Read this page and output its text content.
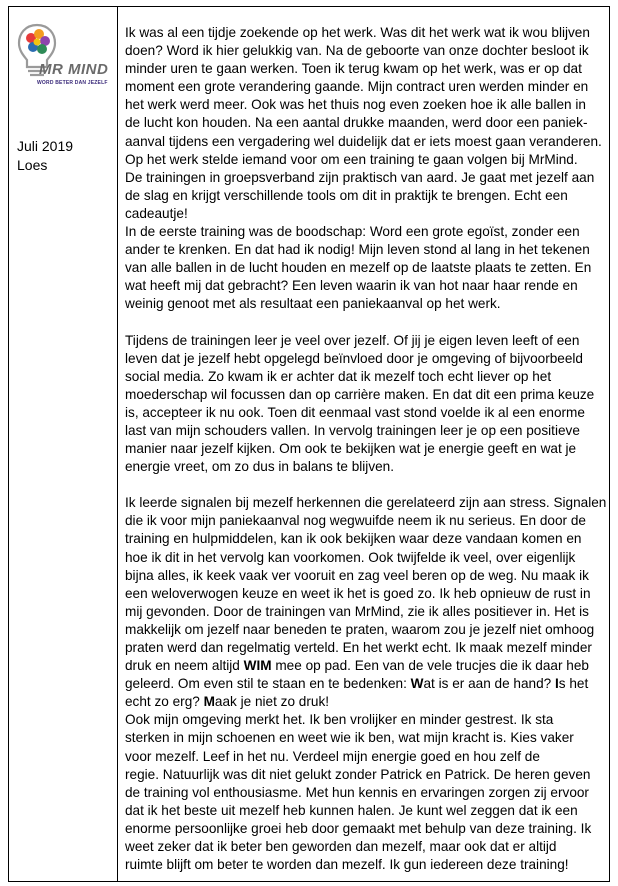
MR MIND
WORD BETER DAN JEZELF
Juli 2019
Loes

Ik was al een tijdje zoekende op het werk. Was dit het werk wat ik wou blijven

doen? Word ik hier gelukkig van. Na de geboorte van onze dochter besloot ik

minder uren te gaan werken. Toen ik terug kwam op het werk, was er op dat

moment een grote verandering gaande. Mijn contract uren werden minder en

het werk werd meer. Ook was het thuis nog even zoeken hoe ik alle ballen in

de lucht kon houden. Na een aantal drukke maanden, werd door een paniek-

aanval tijdens een vergadering wel duidelijk dat er iets moest gaan veranderen.

Op het werk stelde iemand voor om een training te gaan volgen bij MrMind.

De trainingen in groepsverband zijn praktisch van aard. Je gaat met jezelf aan

de slag en krijgt verschillende tools om dit in praktijk te brengen. Echt een

cadeautje!

In de eerste training was de boodschap: Word een grote egoïst, zonder een

ander te krenken. En dat had ik nodig! Mijn leven stond al lang in het tekenen

van alle ballen in de lucht houden en mezelf op de laatste plaats te zetten. En

wat heeft mij dat gebracht? Een leven waarin ik van hot naar haar rende en

weinig genoot met als resultaat een paniekaanval op het werk.

Tijdens de trainingen leer je veel over jezelf. Of jij je eigen leven leeft of een

leven dat je jezelf hebt opgelegd beïnvloed door je omgeving of bijvoorbeeld

social media. Zo kwam ik er achter dat ik mezelf toch echt liever op het

moederschap wil focussen dan op carrière maken. En dat dit een prima keuze

is, accepteer ik nu ook. Toen dit eenmaal vast stond voelde ik al een enorme

last van mijn schouders vallen. In vervolg trainingen leer je op een positieve

manier naar jezelf kijken. Om ook te bekijken wat je energie geeft en wat je

energie vreet, om zo dus in balans te blijven.

Ik leerde signalen bij mezelf herkennen die gerelateerd zijn aan stress. Signalen

die ik voor mijn paniekaanval nog wegwuifde neem ik nu serieus. En door de

training en hulpmiddelen, kan ik ook bekijken waar deze vandaan komen en

hoe ik dit in het vervolg kan voorkomen. Ook twijfelde ik veel, over eigenlijk

bijna alles, ik keek vaak ver vooruit en zag veel beren op de weg. Nu maak ik

een weloverwogen keuze en weet ik het is goed zo. Ik heb opnieuw de rust in

mij gevonden. Door de trainingen van MrMind, zie ik alles positiever in. Het is

makkelijk om jezelf naar beneden te praten, waarom zou je jezelf niet omhoog

praten werd dan regelmatig verteld. En het werkt echt. Ik maak mezelf minder

druk en neem altijd WIM mee op pad. Een van de vele trucjes die ik daar heb

geleerd. Om even stil te staan en te bedenken: Wat is er aan de hand? Is het

echt zo erg? Maak je niet zo druk!

Ook mijn omgeving merkt het. Ik ben vrolijker en minder gestrest. Ik sta

sterken in mijn schoenen en weet wie ik ben, wat mijn kracht is. Kies vaker

voor mezelf. Leef in het nu. Verdeel mijn energie goed en hou zelf de

regie. Natuurlijk was dit niet gelukt zonder Patrick en Patrick. De heren geven

de training vol enthousiasme. Met hun kennis en ervaringen zorgen zij ervoor

dat ik het beste uit mezelf heb kunnen halen. Je kunt wel zeggen dat ik een

enorme persoonlijke groei heb door gemaakt met behulp van deze training. Ik

weet zeker dat ik beter ben geworden dan mezelf, maar ook dat er altijd

ruimte blijft om beter te worden dan mezelf. Ik gun iedereen deze training!
